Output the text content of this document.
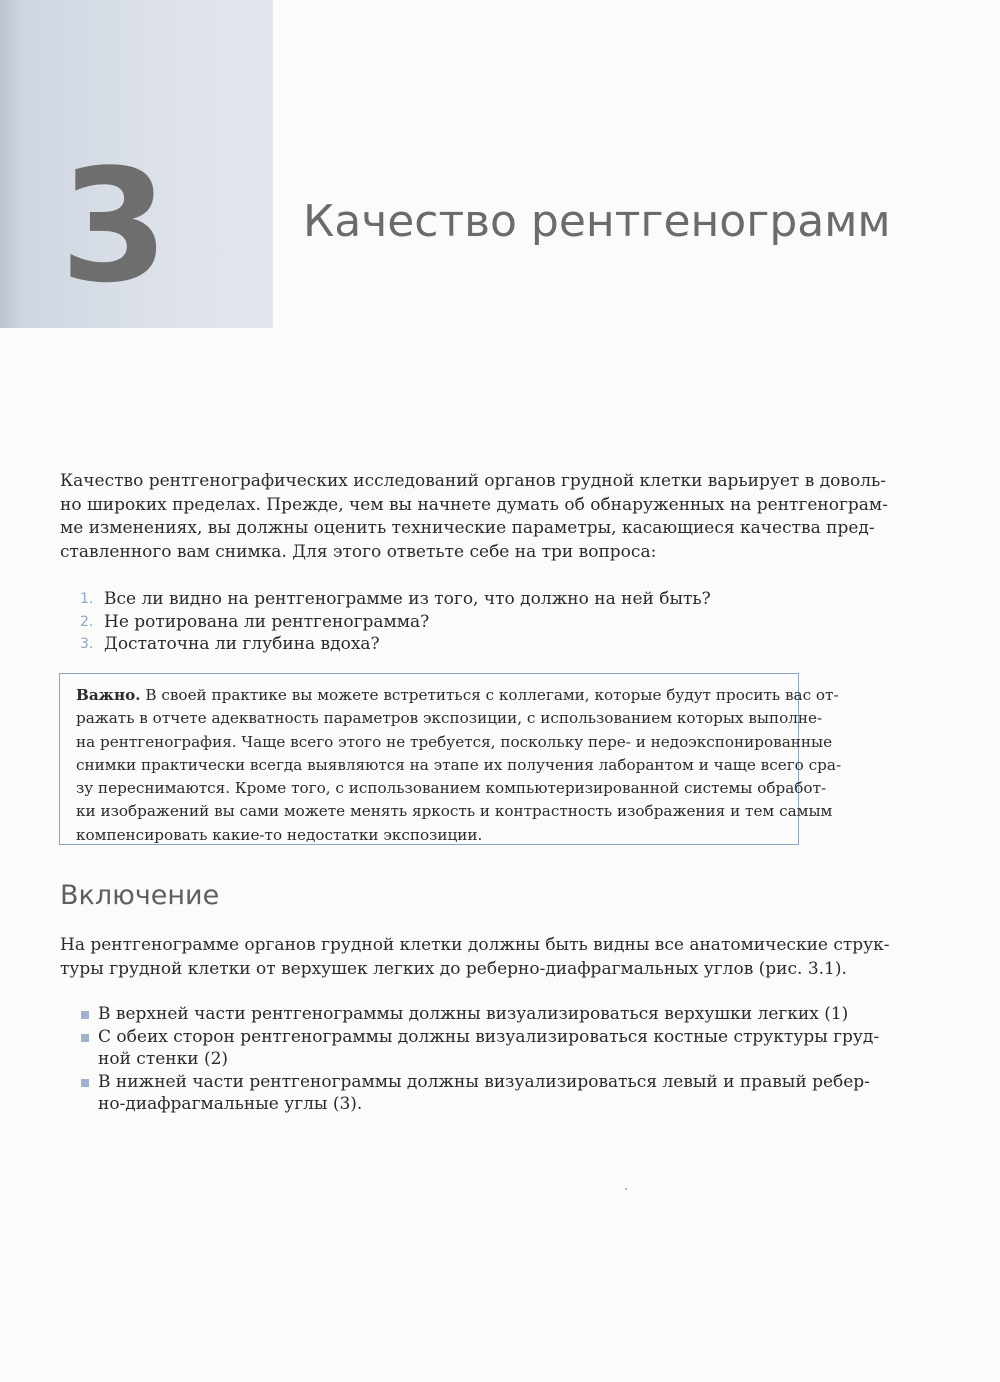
3	Качество рентгенограмм
Качество рентгенографических исследований органов грудной клетки варьирует в доволь-
но широких пределах. Прежде, чем вы начнете думать об обнаруженных на рентгенограм-
ме изменениях, вы должны оценить технические параметры, касающиеся качества пред-
ставленного вам снимка. Для этого ответьте себе на три вопроса:
1. Все ли видно на рентгенограмме из того, что должно на ней быть?
2. Не ротирована ли рентгенограмма?
3. Достаточна ли глубина вдоха?
Важно. В своей практике вы можете встретиться с коллегами, которые будут просить вас от-
ражать в отчете адекватность параметров экспозиции, с использованием которых выполне-
на рентгенография. Чаще всего этого не требуется, поскольку пере- и недоэкспонированные
снимки практически всегда выявляются на этапе их получения лаборантом и чаще всего сра-
зу переснимаются. Кроме того, с использованием компьютеризированной системы обработ-
ки изображений вы сами можете менять яркость и контрастность изображения и тем самым
компенсировать какие-то недостатки экспозиции.
Включение
На рентгенограмме органов грудной клетки должны быть видны все анатомические струк-
туры грудной клетки от верхушек легких до реберно-диафрагмальных углов (рис. 3.1).
В верхней части рентгенограммы должны визуализироваться верхушки легких (1)
С обеих сторон рентгенограммы должны визуализироваться костные структуры груд-
ной стенки (2)
В нижней части рентгенограммы должны визуализироваться левый и правый ребер-
но-диафрагмальные углы (3).
